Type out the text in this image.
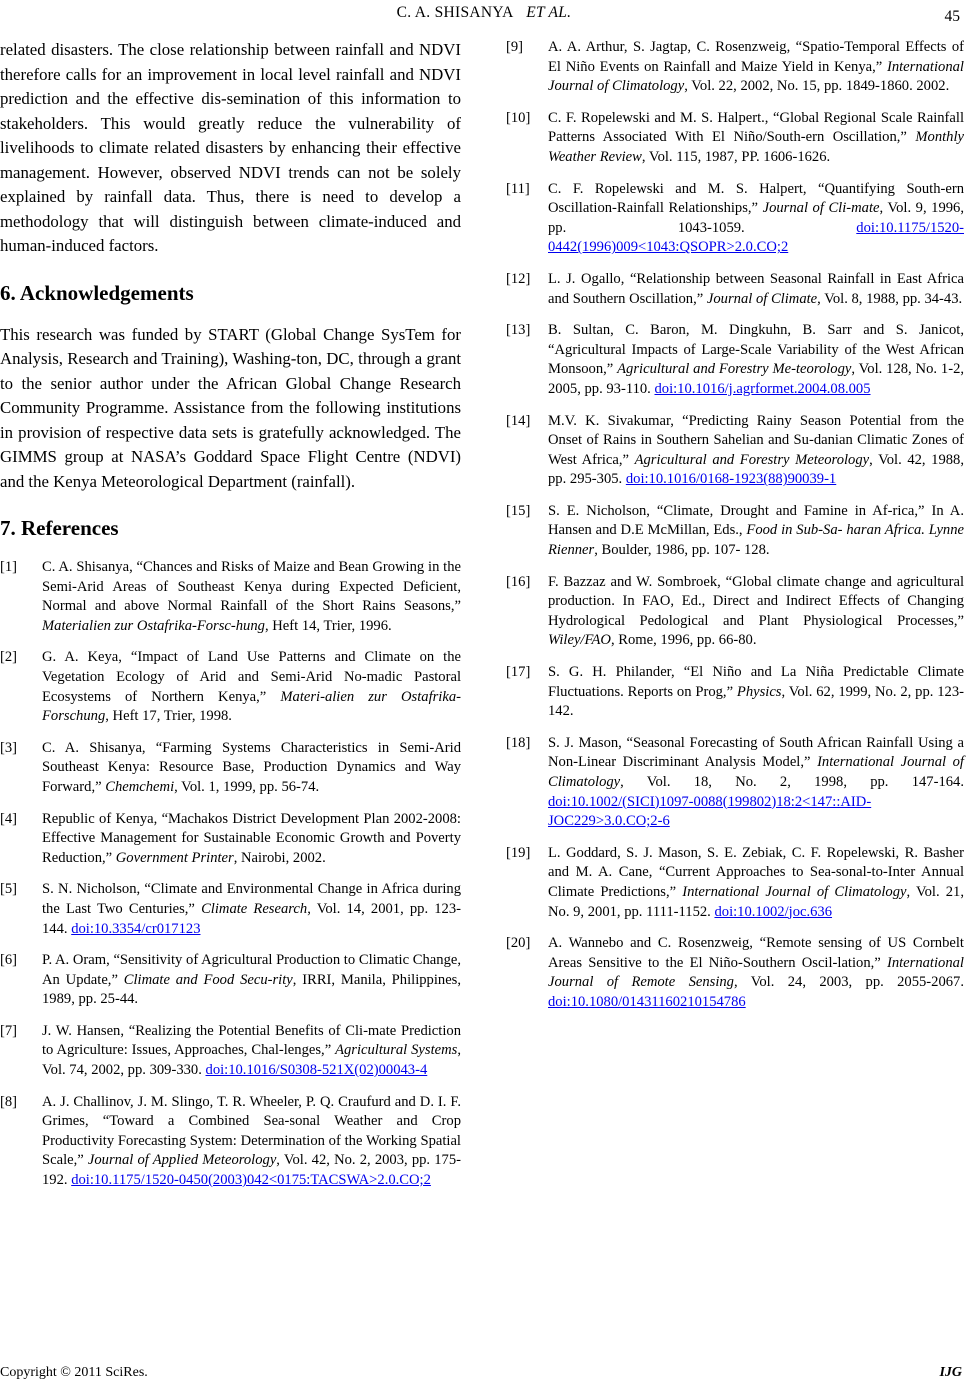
C. A. SHISANYA ET AL.	45

related disasters. The close relationship between rainfall and NDVI therefore calls for an improvement in local level rainfall and NDVI prediction and the effective dis-semination of this information to stakeholders. This would greatly reduce the vulnerability of livelihoods to climate related disasters by enhancing their effective management. However, observed NDVI trends can not be solely explained by rainfall data. Thus, there is need to develop a methodology that will distinguish between climate-induced and human-induced factors.

6. Acknowledgements

This research was funded by START (Global Change SysTem for Analysis, Research and Training), Washing-ton, DC, through a grant to the senior author under the African Global Change Research Community Programme. Assistance from the following institutions in provision of respective data sets is gratefully acknowledged. The GIMMS group at NASA’s Goddard Space Flight Centre (NDVI) and the Kenya Meteorological Department (rainfall).

7. References

[1] C. A. Shisanya, “Chances and Risks of Maize and Bean Growing in the Semi-Arid Areas of Southeast Kenya during Expected Deficient, Normal and above Normal Rainfall of the Short Rains Seasons,” Materialien zur Ostafrika-Forsc-hung, Heft 14, Trier, 1996.

[2] G. A. Keya, “Impact of Land Use Patterns and Climate on the Vegetation Ecology of Arid and Semi-Arid No-madic Pastoral Ecosystems of Northern Kenya,” Materi-alien zur Ostafrika-Forschung, Heft 17, Trier, 1998.

[3] C. A. Shisanya, “Farming Systems Characteristics in Semi-Arid Southeast Kenya: Resource Base, Production Dynamics and Way Forward,” Chemchemi, Vol. 1, 1999, pp. 56-74.

[4] Republic of Kenya, “Machakos District Development Plan 2002-2008: Effective Management for Sustainable Economic Growth and Poverty Reduction,” Government Printer, Nairobi, 2002.

[5] S. N. Nicholson, “Climate and Environmental Change in Africa during the Last Two Centuries,” Climate Research, Vol. 14, 2001, pp. 123-144. doi:10.3354/cr017123

[6] P. A. Oram, “Sensitivity of Agricultural Production to Climatic Change, An Update,” Climate and Food Secu-rity, IRRI, Manila, Philippines, 1989, pp. 25-44.

[7] J. W. Hansen, “Realizing the Potential Benefits of Cli-mate Prediction to Agriculture: Issues, Approaches, Chal-lenges,” Agricultural Systems, Vol. 74, 2002, pp. 309-330. doi:10.1016/S0308-521X(02)00043-4

[8] A. J. Challinov, J. M. Slingo, T. R. Wheeler, P. Q. Craufurd and D. I. F. Grimes, “Toward a Combined Sea-sonal Weather and Crop Productivity Forecasting System: Determination of the Working Spatial Scale,” Journal of Applied Meteorology, Vol. 42, No. 2, 2003, pp. 175-192. doi:10.1175/1520-0450(2003)042<0175:TACSWA>2.0.CO;2

[9] A. A. Arthur, S. Jagtap, C. Rosenzweig, “Spatio-Temporal Effects of El Niño Events on Rainfall and Maize Yield in Kenya,” International Journal of Climatology, Vol. 22, 2002, No. 15, pp. 1849-1860. 2002.

[10] C. F. Ropelewski and M. S. Halpert., “Global Regional Scale Rainfall Patterns Associated With El Niño/South-ern Oscillation,” Monthly Weather Review, Vol. 115, 1987, PP. 1606-1626.

[11] C. F. Ropelewski and M. S. Halpert, “Quantifying South-ern Oscillation-Rainfall Relationships,” Journal of Cli-mate, Vol. 9, 1996, pp. 1043-1059. doi:10.1175/1520-0442(1996)009<1043:QSOPR>2.0.CO;2

[12] L. J. Ogallo, “Relationship between Seasonal Rainfall in East Africa and Southern Oscillation,” Journal of Climate, Vol. 8, 1988, pp. 34-43.

[13] B. Sultan, C. Baron, M. Dingkuhn, B. Sarr and S. Janicot, “Agricultural Impacts of Large-Scale Variability of the West African Monsoon,” Agricultural and Forestry Me-teorology, Vol. 128, No. 1-2, 2005, pp. 93-110. doi:10.1016/j.agrformet.2004.08.005

[14] M.V. K. Sivakumar, “Predicting Rainy Season Potential from the Onset of Rains in Southern Sahelian and Su-danian Climatic Zones of West Africa,” Agricultural and Forestry Meteorology, Vol. 42, 1988, pp. 295-305. doi:10.1016/0168-1923(88)90039-1

[15] S. E. Nicholson, “Climate, Drought and Famine in Af-rica,” In A. Hansen and D.E McMillan, Eds., Food in Sub-Sa- haran Africa. Lynne Rienner, Boulder, 1986, pp. 107- 128.

[16] F. Bazzaz and W. Sombroek, “Global climate change and agricultural production. In FAO, Ed., Direct and Indirect Effects of Changing Hydrological Pedological and Plant Physiological Processes,” Wiley/FAO, Rome, 1996, pp. 66-80.

[17] S. G. H. Philander, “El Niño and La Niña Predictable Climate Fluctuations. Reports on Prog,” Physics, Vol. 62, 1999, No. 2, pp. 123- 142.

[18] S. J. Mason, “Seasonal Forecasting of South African Rainfall Using a Non-Linear Discriminant Analysis Model,” International Journal of Climatology, Vol. 18, No. 2, 1998, pp. 147-164. doi:10.1002/(SICI)1097-0088(199802)18:2<147::AID-JOC229>3.0.CO;2-6

[19] L. Goddard, S. J. Mason, S. E. Zebiak, C. F. Ropelewski, R. Basher and M. A. Cane, “Current Approaches to Sea-sonal-to-Inter Annual Climate Predictions,” International Journal of Climatology, Vol. 21, No. 9, 2001, pp. 1111-1152. doi:10.1002/joc.636

[20] A. Wannebo and C. Rosenzweig, “Remote sensing of US Cornbelt Areas Sensitive to the El Niño-Southern Oscil-lation,” International Journal of Remote Sensing, Vol. 24, 2003, pp. 2055-2067. doi:10.1080/01431160210154786

Copyright © 2011 SciRes.	IJG
